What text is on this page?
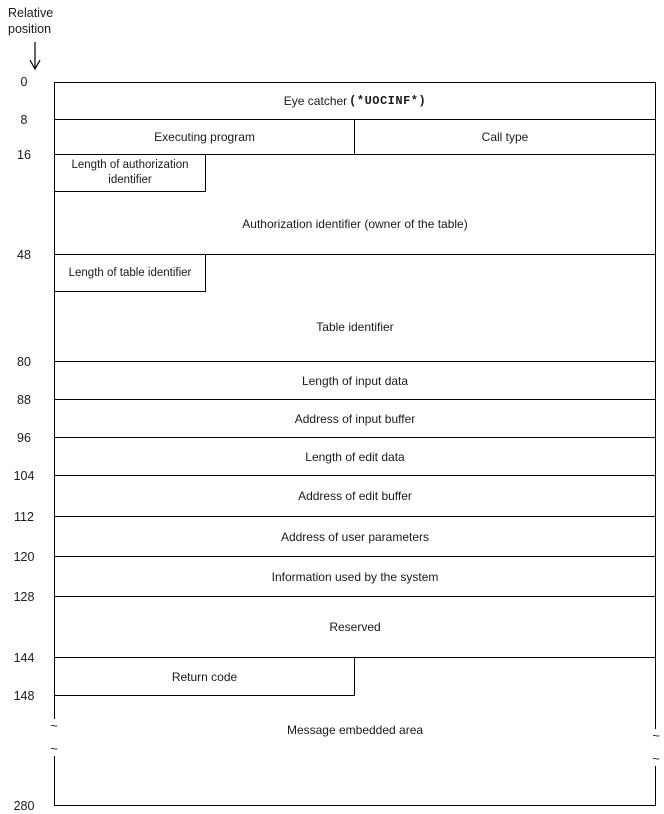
Relative
position
0
8
16
48
80
88
96
104
112
120
128
144
148
280
Eye catcher (*UOCINF*)
Executing program	Call type
Length of authorization identifier
Authorization identifier (owner of the table)
Length of table identifier
Table identifier
Length of input data
Address of input buffer
Length of edit data
Address of edit buffer
Address of user parameters
Information used by the system
Reserved
Return code
~
~
~
~
Message embedded area
